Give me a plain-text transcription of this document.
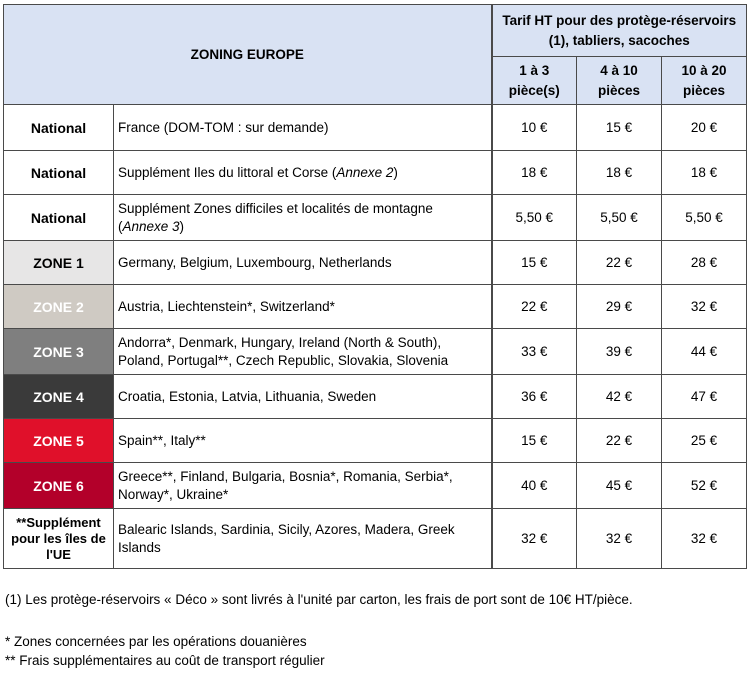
ZONING EUROPE		Tarif HT pour des protège-réservoirs (1), tabliers, sacoches		
		1 à 3 pièce(s)	4 à 10 pièces	10 à 20 pièces
National	France (DOM-TOM : sur demande)	10 €	15 €	20 €
National	Supplément Iles du littoral et Corse (Annexe 2)	18 €	18 €	18 €
National	Supplément Zones difficiles et localités de montagne (Annexe 3)	5,50 €	5,50 €	5,50 €
ZONE 1	Germany, Belgium, Luxembourg, Netherlands	15 €	22 €	28 €
ZONE 2	Austria, Liechtenstein*, Switzerland*	22 €	29 €	32 €
ZONE 3	Andorra*, Denmark, Hungary, Ireland (North & South), Poland, Portugal**, Czech Republic, Slovakia, Slovenia	33 €	39 €	44 €
ZONE 4	Croatia, Estonia, Latvia, Lithuania, Sweden	36 €	42 €	47 €
ZONE 5	Spain**, Italy**	15 €	22 €	25 €
ZONE 6	Greece**, Finland, Bulgaria, Bosnia*, Romania, Serbia*, Norway*, Ukraine*	40 €	45 €	52 €
**Supplément pour les îles de l'UE	Balearic Islands, Sardinia, Sicily, Azores, Madera, Greek Islands	32 €	32 €	32 €

(1) Les protège-réservoirs « Déco » sont livrés à l'unité par carton, les frais de port sont de 10€ HT/pièce.

* Zones concernées par les opérations douanières

** Frais supplémentaires au coût de transport régulier
